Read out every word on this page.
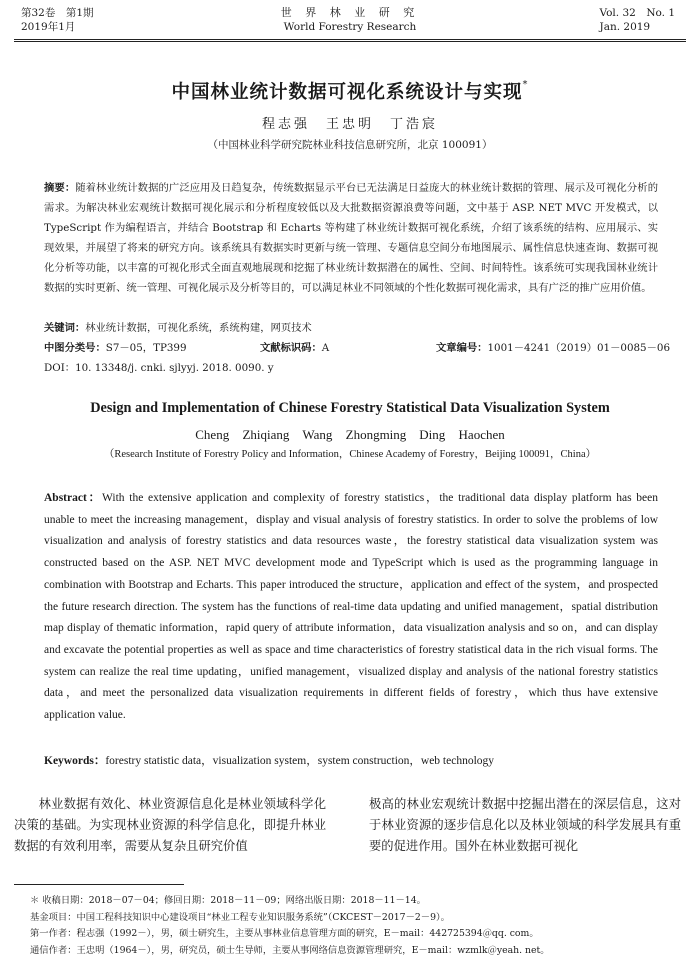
第32卷　第1期
2019年1月
世 界 林 业 研 究
World Forestry Research
Vol. 32　No. 1
Jan. 2019
中国林业统计数据可视化系统设计与实现*
程志强　王忠明　丁浩宸
（中国林业科学研究院林业科技信息研究所，北京 100091）
摘要：随着林业统计数据的广泛应用及日趋复杂，传统数据显示平台已无法满足日益庞大的林业统计数据的管理、展示及可视化分析的需求。为解决林业宏观统计数据可视化展示和分析程度较低以及大批数据资源浪费等问题，文中基于 ASP. NET MVC 开发模式，以 TypeScript 作为编程语言，并结合 Bootstrap 和 Echarts 等构建了林业统计数据可视化系统，介绍了该系统的结构、应用展示、实现效果，并展望了将来的研究方向。该系统具有数据实时更新与统一管理、专题信息空间分布地图展示、属性信息快速查询、数据可视化分析等功能，以丰富的可视化形式全面直观地展现和挖掘了林业统计数据潜在的属性、空间、时间特性。该系统可实现我国林业统计数据的实时更新、统一管理、可视化展示及分析等目的，可以满足林业不同领域的个性化数据可视化需求，具有广泛的推广应用价值。
关键词：林业统计数据，可视化系统，系统构建，网页技术
中图分类号：S7－05，TP399	文献标识码：A	文章编号：1001－4241（2019）01－0085－06
DOI：10. 13348/j. cnki. sjlyyj. 2018. 0090. y
Design and Implementation of Chinese Forestry Statistical Data Visualization System
Cheng Zhiqiang　Wang Zhongming　Ding Haochen
（Research Institute of Forestry Policy and Information，Chinese Academy of Forestry，Beijing 100091，China）
Abstract：With the extensive application and complexity of forestry statistics，the traditional data display platform has been unable to meet the increasing management，display and visual analysis of forestry statistics. In order to solve the problems of low visualization and analysis of forestry statistics and data resources waste，the forestry statistical data visualization system was constructed based on the ASP. NET MVC development mode and TypeScript which is used as the programming language in combination with Bootstrap and Echarts. This paper introduced the structure，application and effect of the system，and prospected the future research direction. The system has the functions of real-time data updating and unified management，spatial distribution map display of thematic information，rapid query of attribute information，data visualization analysis and so on，and can display and excavate the potential properties as well as space and time characteristics of forestry statistical data in the rich visual forms. The system can realize the real time updating，unified management，visualized display and analysis of the national forestry statistics data，and meet the personalized data visualization requirements in different fields of forestry，which thus have extensive application value.
Keywords：forestry statistic data，visualization system，system construction，web technology
林业数据有效化、林业资源信息化是林业领域科学化决策的基础。为实现林业资源的科学信息化，即提升林业数据的有效利用率，需要从复杂且研究价值
极高的林业宏观统计数据中挖掘出潜在的深层信息，这对于林业资源的逐步信息化以及林业领域的科学发展具有重要的促进作用。国外在林业数据可视化
＊ 收稿日期：2018－07－04；修回日期：2018－11－09；网络出版日期：2018－11－14。
基金项目：中国工程科技知识中心建设项目“林业工程专业知识服务系统”（CKCEST－2017－2－9）。
第一作者：程志强（1992－），男，硕士研究生，主要从事林业信息管理方面的研究，E－mail：442725394＠qq. com。
通信作者：王忠明（1964－），男，研究员，硕士生导师，主要从事网络信息资源管理研究，E－mail：wzmlk＠yeah. net。
